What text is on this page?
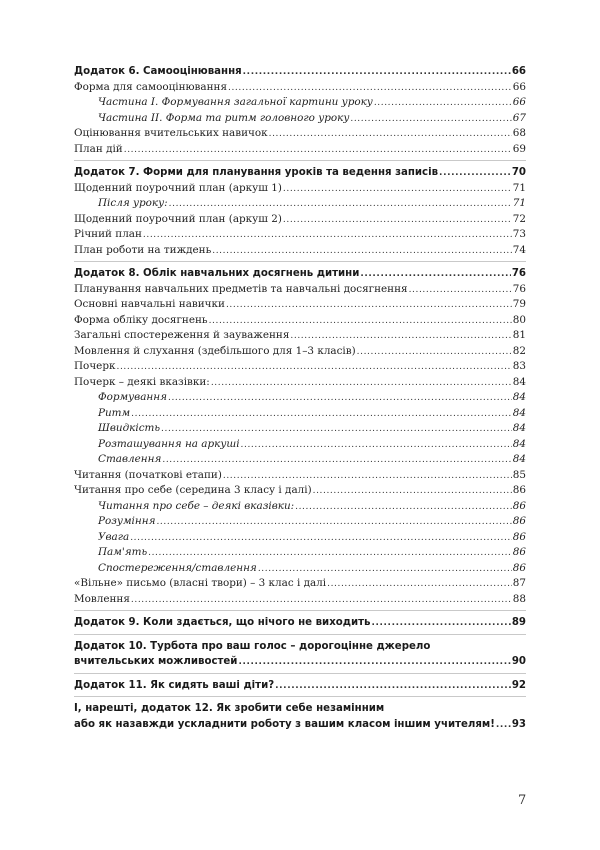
Додаток 6. Самооцінювання .....	66
Форма для самооцінювання .....	66
Частина І. Формування загальної картини уроку .....	66
Частина ІІ. Форма та ритм головного уроку .....	67
Оцінювання вчительських навичок .....	68
План дій .....	69
Додаток 7. Форми для планування уроків та ведення записів .....	70
Щоденний поурочний план (аркуш 1) .....	71
Після уроку: .....	71
Щоденний поурочний план (аркуш 2) .....	72
Річний план .....	73
План роботи на тиждень .....	74
Додаток 8. Облік навчальних досягнень дитини .....	76
Планування навчальних предметів та навчальні досягнення .....	76
Основні навчальні навички .....	79
Форма обліку досягнень .....	80
Загальні спостереження й зауваження .....	81
Мовлення й слухання (здебільшого для 1–3 класів) .....	82
Почерк .....	83
Почерк – деякі вказівки: .....	84
Формування .....	84
Ритм .....	84
Швидкість .....	84
Розташування на аркуші .....	84
Ставлення .....	84
Читання (початкові етапи) .....	85
Читання про себе (середина 3 класу і далі) .....	86
Читання про себе – деякі вказівки: .....	86
Розуміння .....	86
Увага .....	86
Пам'ять .....	86
Спостереження/ставлення .....	86
«Вільне» письмо (власні твори) – 3 клас і далі .....	87
Мовлення .....	88
Додаток 9. Коли здається, що нічого не виходить .....	89
Додаток 10. Турбота про ваш голос – дорогоцінне джерело
вчительських можливостей .....	90
Додаток 11. Як сидять ваші діти? .....	92
І, нарешті, додаток 12. Як зробити себе незамінним
або як назавжди ускладнити роботу з вашим класом іншим учителям! ..... 93
7
